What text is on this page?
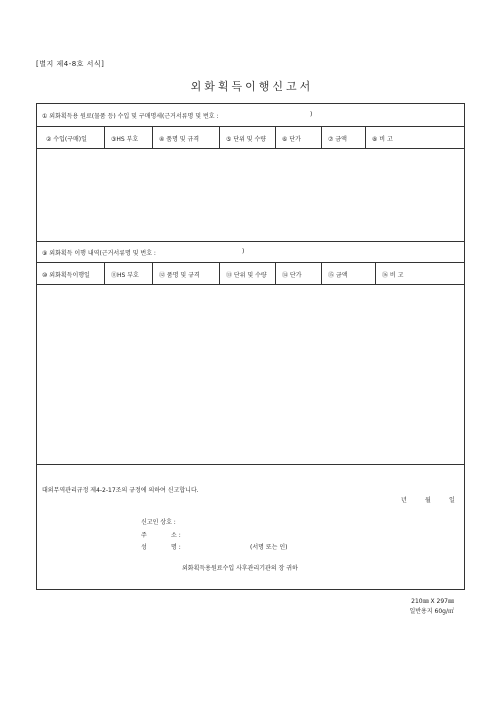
[별지 제4-8호 서식]
외화획득이행신고서
① 외화획득용 원료(물품 등) 수입 및 구매명세(근거서류명 및 번호 :	)
② 수입(구매)일	③HS 부호	④ 품명 및 규격	⑤ 단위 및 수량	⑥ 단가	⑦ 금액	⑧ 비 고
⑨ 외화획득 이행 내역(근거서류명 및 번호 :	)
⑩ 외화획득이행일	⑪HS 부호	⑫ 품명 및 규격	⑬ 단위 및 수량	⑭ 단가	⑮ 금액	⑯ 비 고
대외무역관리규정 제4-2-17조의 규정에 의하여 신고합니다.
년	월	일
신고인 상호 :
주	소 :
성	명 :	(서명 또는 인)
외화획득용원료수입 사후관리기관의 장 귀하
210㎜ X 297㎜
일반용지 60g/㎡
